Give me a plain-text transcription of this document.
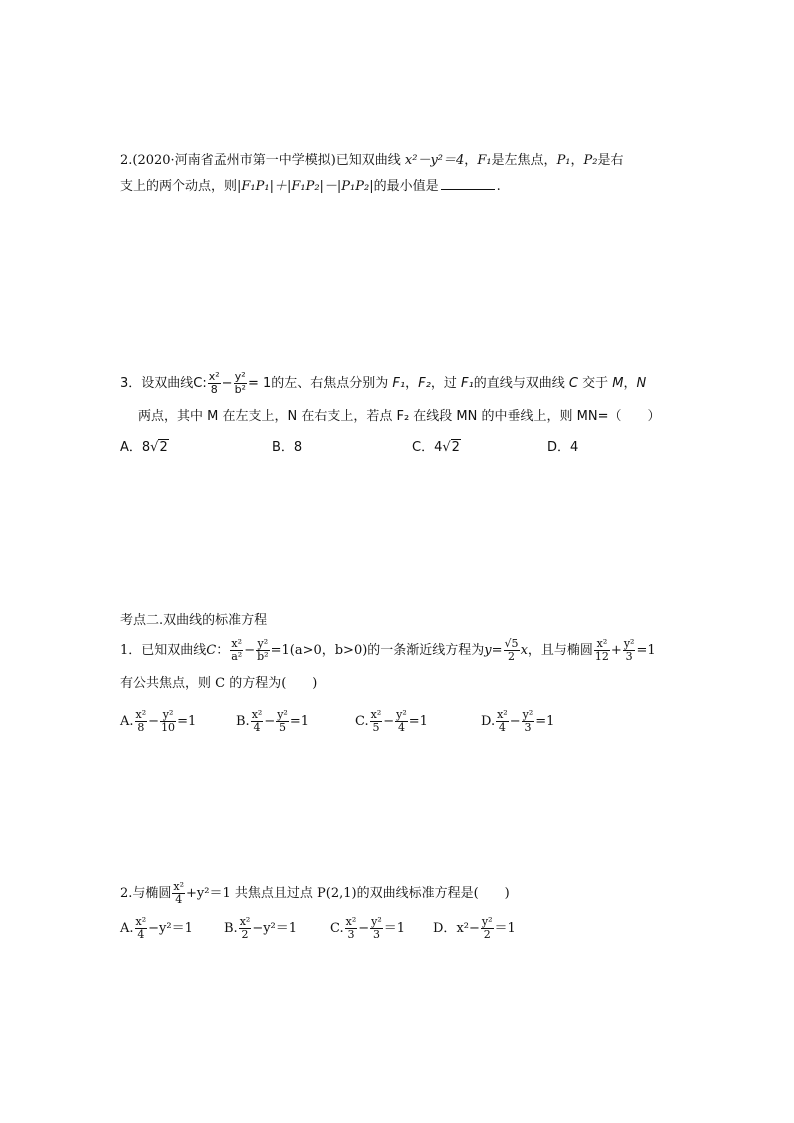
2.(2020·河南省孟州市第一中学模拟)已知双曲线 x²－y²＝4，F₁是左焦点，P₁，P₂是右
支上的两个动点，则|F₁P₁|＋|F₁P₂|－|P₁P₂|的最小值是	.
3．设双曲线C: $\frac{\text{x²}}{8} - \frac{\text{y²}}{\text{b²}} = 1$的左、右焦点分别为 F₁，F₂，过 F₁的直线与双曲线 C 交于 M，N
两点，其中 M 在左支上，N 在右支上，若点 F₂ 在线段 MN 的中垂线上，则 MN=（　　）
A．8√2	B．8	C．4√2	D．4
考点二.双曲线的标准方程
1．已知双曲线C： $\frac{\text{x²}}{\text{a²}} - \frac{\text{y²}}{\text{b²}} =1(a>0$，b>0)的一条渐近线方程为$y= \frac{√5}{2}$ x，且与椭圆 $\frac{\text{x²}}{12} + \frac{\text{y²}}{3} =1$
有公共焦点，则 C 的方程为(　　)
A. $\frac{\text{x²}}{8} - \frac{\text{y²}}{10} =1$	B. $\frac{\text{x²}}{4} - \frac{\text{y²}}{5} =1$	C. $\frac{\text{x²}}{5} - \frac{\text{y²}}{4} =1$	D. $\frac{\text{x²}}{4} - \frac{\text{y²}}{3} =1$
2.与椭圆 $\frac{\text{x²}}{4} +y^2=1$ 共焦点且过点 P(2,1)的双曲线标准方程是(　　)
A. $\frac{\text{x²}}{4} -y^2=1$ B. $\frac{\text{x²}}{2} -y^2=1$	C. $\frac{\text{x²}}{3} - \frac{\text{y²}}{3} =1$ D．$x^2- \frac{\text{y²}}{2} =1$
